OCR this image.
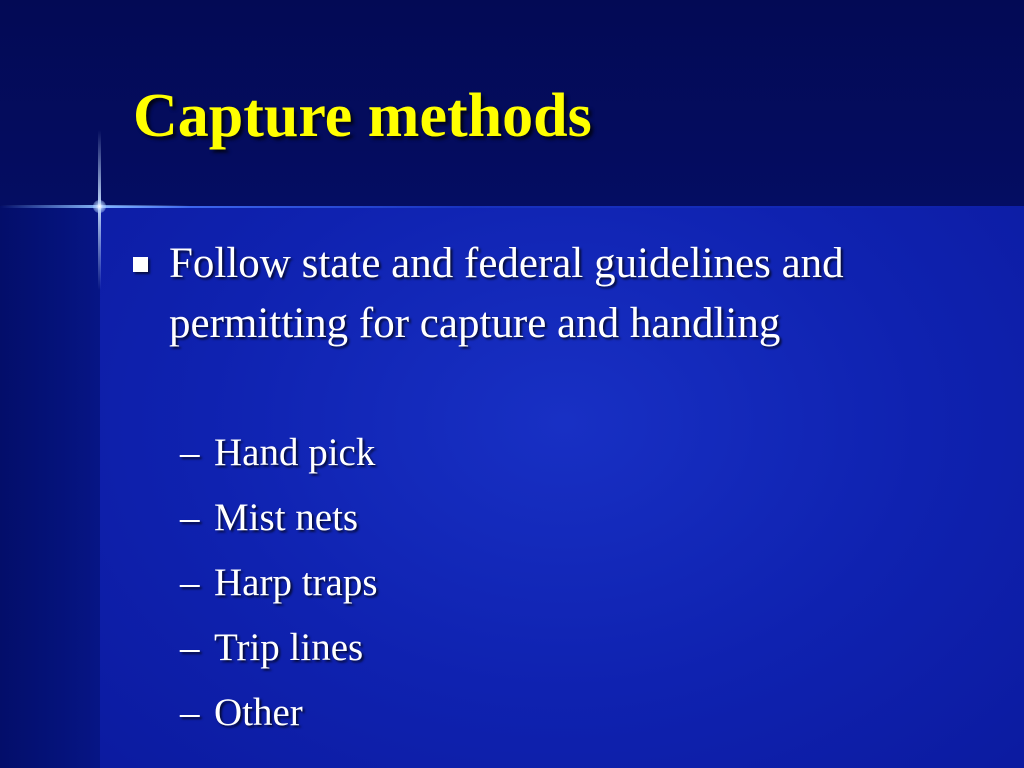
Capture methods
Follow state and federal guidelines and permitting for capture and handling
– Hand pick
– Mist nets
– Harp traps
– Trip lines
– Other
